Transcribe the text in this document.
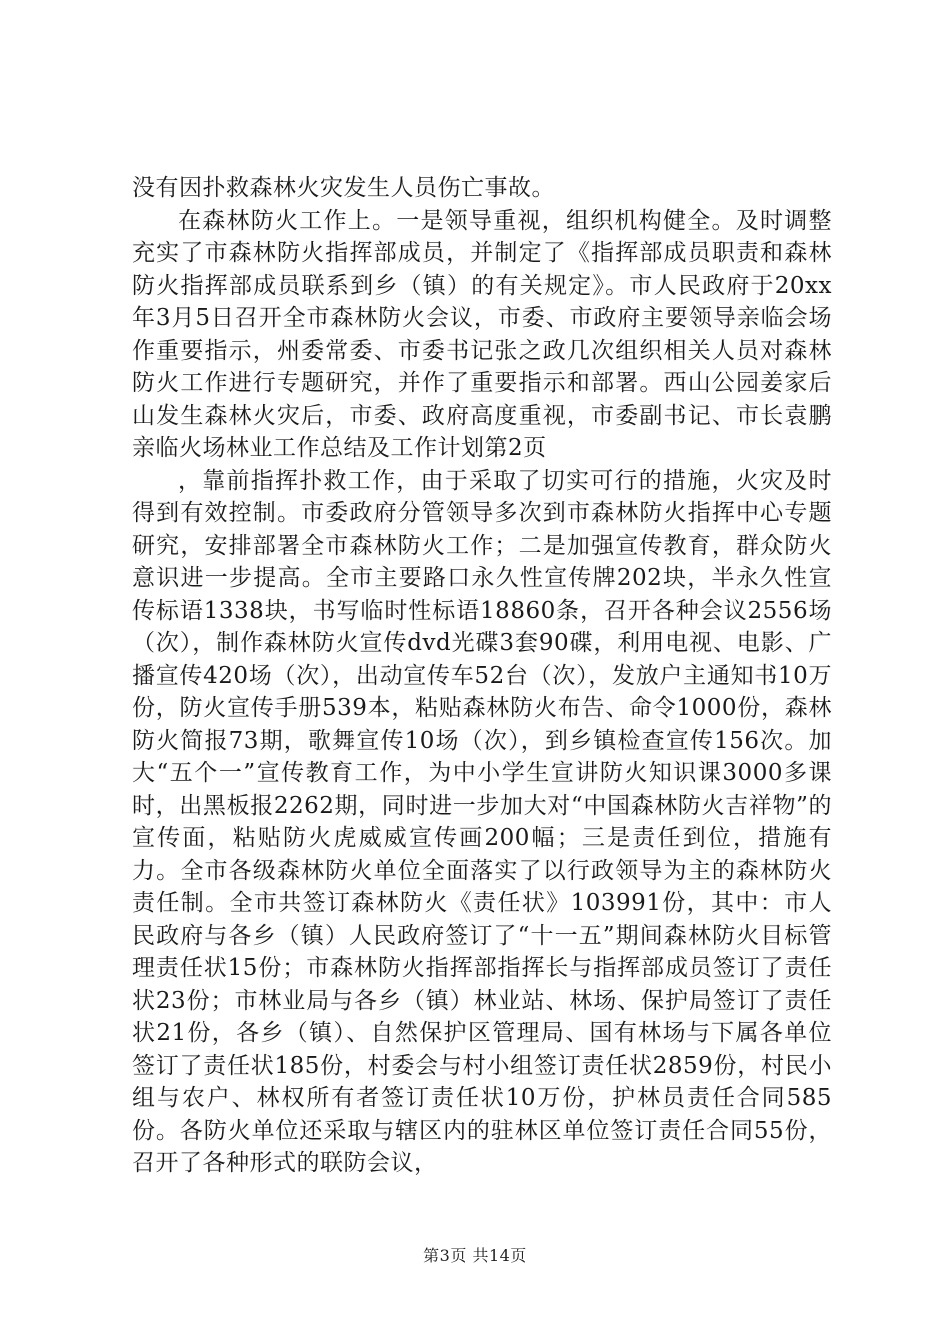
没有因扑救森林火灾发生人员伤亡事故。

在森林防火工作上。一是领导重视，组织机构健全。及时调整充实了市森林防火指挥部成员，并制定了《指挥部成员职责和森林防火指挥部成员联系到乡（镇）的有关规定》。市人民政府于20xx年3月5日召开全市森林防火会议，市委、市政府主要领导亲临会场作重要指示，州委常委、市委书记张之政几次组织相关人员对森林防火工作进行专题研究，并作了重要指示和部署。西山公园姜家后山发生森林火灾后，市委、政府高度重视，市委副书记、市长袁鹏亲临火场林业工作总结及工作计划第2页

，靠前指挥扑救工作，由于采取了切实可行的措施，火灾及时得到有效控制。市委政府分管领导多次到市森林防火指挥中心专题研究，安排部署全市森林防火工作；二是加强宣传教育，群众防火意识进一步提高。全市主要路口永久性宣传牌202块，半永久性宣传标语1338块，书写临时性标语18860条，召开各种会议2556场（次），制作森林防火宣传dvd光碟3套90碟，利用电视、电影、广播宣传420场（次），出动宣传车52台（次），发放户主通知书10万份，防火宣传手册539本，粘贴森林防火布告、命令1000份，森林防火简报73期，歌舞宣传10场（次），到乡镇检查宣传156次。加大“五个一”宣传教育工作，为中小学生宣讲防火知识课3000多课时，出黑板报2262期，同时进一步加大对“中国森林防火吉祥物”的宣传面，粘贴防火虎威威宣传画200幅；三是责任到位，措施有力。全市各级森林防火单位全面落实了以行政领导为主的森林防火责任制。全市共签订森林防火《责任状》103991份，其中：市人民政府与各乡（镇）人民政府签订了“十一五”期间森林防火目标管理责任状15份；市森林防火指挥部指挥长与指挥部成员签订了责任状23份；市林业局与各乡（镇）林业站、林场、保护局签订了责任状21份，各乡（镇）、自然保护区管理局、国有林场与下属各单位签订了责任状185份，村委会与村小组签订责任状2859份，村民小组与农户、林权所有者签订责任状10万份，护林员责任合同585份。各防火单位还采取与辖区内的驻林区单位签订责任合同55份，召开了各种形式的联防会议，

第3页 共14页
